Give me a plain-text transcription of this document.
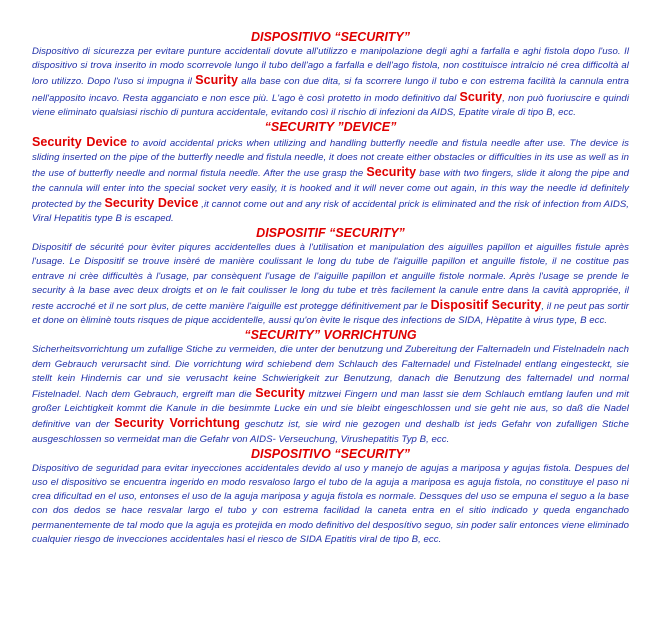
DISPOSITIVO “SECURITY”

Dispositivo di sicurezza per evitare punture accidentali dovute all'utilizzo e manipolazione degli aghi a farfalla e aghi fistola dopo l'uso. Il dispositivo si trova inserito in modo scorrevole lungo il tubo dell'ago a farfalla e dell'ago fistola, non costituisce intralcio né crea difficoltà al loro utilizzo. Dopo l'uso si impugna il Scurity alla base con due dita, si fa scorrere lungo il tubo e con estrema facilità la cannula entra nell'apposito incavo. Resta agganciato e non esce più. L'ago è così protetto in modo definitivo dal Scurity, non può fuoriuscire e quindi viene eliminato qualsiasi rischio di puntura accidentale, evitando così il rischio di infezioni da AIDS, Epatite virale di tipo B, ecc.

“SECURITY ”DEVICE”

Security Device to avoid accidental pricks when utilizing and handling butterfly needle and fistula needle after use. The device is sliding inserted on the pipe of the butterfly needle and fistula needle, it does not create either obstacles or difficulties in its use as well as in the use of butterfly needle and normal fistula needle. After the use grasp the Security base with two fingers, slide it along the pipe and the cannula will enter into the special socket very easily, it is hooked and it will never come out again, in this way the needle id definitely protected by the Security Device ,it cannot come out and any risk of accidental prick is eliminated and the risk of infection from AIDS, Viral Hepatitis type B is escaped.

DISPOSITIF “SECURITY”

Dispositif de sécurité pour èviter piqures accidentelles dues à l'utilisation et manipulation des aiguilles papillon et aiguilles fistule après l'usage. Le Dispositif se trouve insèré de manière coulissant le long du tube de l'aiguille papillon et anguille fistole, il ne costitue pas entrave ni crèe difficultès à l'usage, par consèquent l'usage de l'aiguille papillon et anguille fistole normale. Après l'usage se prende le security à la base avec deux droigts et on le fait coulisser le long du tube et très facilement la canule entre dans la cavità appropriée, il reste accroché et il ne sort plus, de cette manière l'aiguille est protegge définitivement par le Dispositif Security, il ne peut pas sortir et done on èliminè touts risques de pique accidentelle, aussi qu'on èvite le risque des infections de SIDA, Hèpatite à virus type, B ecc.

“SECURITY” VORRICHTUNG

Sicherheitsvorrichtung um zufallige Stiche zu vermeiden, die unter der benutzung und Zubereitung der Falternadeln und Fistelnadeln nach dem Gebrauch verursacht sind. Die vorrichtung wird schiebend dem Schlauch des Falternadel und Fistelnadel entlang eingesteckt, sie stellt kein Hindernis car und sie verusacht keine Schwierigkeit zur Benutzung, danach die Benutzung des falternadel und normal Fistelnadel. Nach dem Gebrauch, ergreift man die Security mitzwei Fingern und man lasst sie dem Schlauch emtlang laufen und mit großer Leichtigkeit kommt die Kanule in die besimmte Lucke ein und sie bleibt eingeschlossen und sie geht nie aus, so daß die Nadel definitive van der Security Vorrichtung geschutz ist, sie wird nie gezogen und deshalb ist jeds Gefahr von zufalligen Stiche ausgeschlossen so vermeidat man die Gefahr von AIDS- Verseuchung, Virushepatitis Typ B, ecc.

DISPOSITIVO “SECURITY”

Dispositivo de seguridad para evitar inyecciones accidentales devido al uso y manejo de agujas a mariposa y agujas fistola. Despues del uso el dispositivo se encuentra ingerido en modo resvaloso largo el tubo de la aguja a mariposa es aguja fistola, no constituye el paso ni crea dificultad en el uso, entonses el uso de la aguja mariposa y aguja fistola es normale. Dessques del uso se empuna el seguo a la base con dos dedos se hace resvalar largo el tubo y con estrema facilidad la caneta entra en el sitio indicado y queda enganchado permanentemente de tal modo que la aguja es protejida en modo definitivo del desposítivo seguo, sin poder salir entonces viene eliminado cualquier riesgo de invecciones accidentales hasi el riesco de SIDA Epatitis viral de tipo B, ecc.
